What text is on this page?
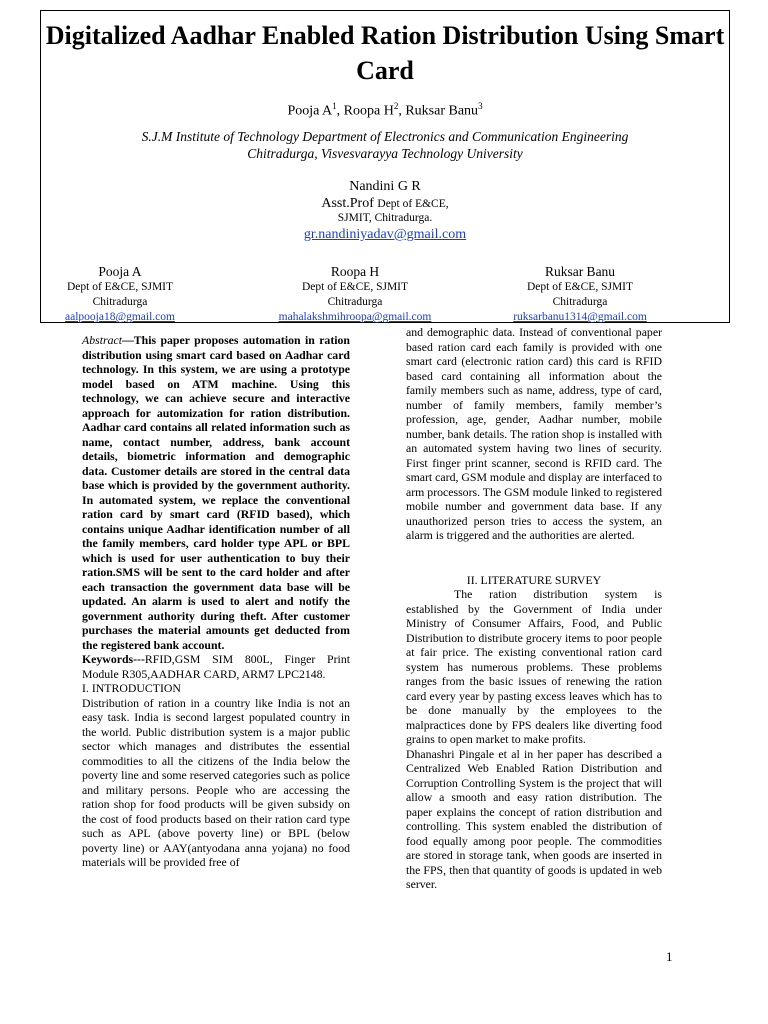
Digitalized Aadhar Enabled Ration Distribution Using Smart Card
Pooja $A^1$, Roopa $H^2$, Ruksar Banu$^3$
S.J.M Institute of Technology Department of Electronics and Communication Engineering
Chitradurga, Visvesvarayya Technology University
Nandini G R
Asst.Prof Dept of E&CE,
SJMIT, Chitradurga.
gr.nandiniyadav@gmail.com
Pooja A
Dept of E&CE, SJMIT
Chitradurga
aalpooja18@gmail.com
Roopa H
Dept of E&CE, SJMIT
Chitradurga
mahalakshmihroopa@gmail.com
Ruksar Banu
Dept of E&CE, SJMIT
Chitradurga
ruksarbanu1314@gmail.com

Abstract—This paper proposes automation in ration distribution using smart card based on Aadhar card technology. In this system, we are using a prototype model based on ATM machine. Using this technology, we can achieve secure and interactive approach for automization for ration distribution. Aadhar card contains all related information such as name, contact number, address, bank account details, biometric information and demographic data. Customer details are stored in the central data base which is provided by the government authority. In automated system, we replace the conventional ration card by smart card (RFID based), which contains unique Aadhar identification number of all the family members, card holder type APL or BPL which is used for user authentication to buy their ration.SMS will be sent to the card holder and after each transaction the government data base will be updated. An alarm is used to alert and notify the government authority during theft. After customer purchases the material amounts get deducted from the registered bank account.

Keywords---RFID,GSM SIM 800L, Finger Print Module R305,AADHAR CARD, ARM7 LPC2148.

I. INTRODUCTION

Distribution of ration in a country like India is not an easy task. India is second largest populated country in the world. Public distribution system is a major public sector which manages and distributes the essential commodities to all the citizens of the India below the poverty line and some reserved categories such as police and military persons. People who are accessing the ration shop for food products will be given subsidy on the cost of food products based on their ration card type such as APL (above poverty line) or BPL (below poverty line) or AAY(antyodana anna yojana) no food materials will be provided free of

and demographic data. Instead of conventional paper based ration card each family is provided with one smart card (electronic ration card) this card is RFID based card containing all information about the family members such as name, address, type of card, number of family members, family member’s profession, age, gender, Aadhar number, mobile number, bank details. The ration shop is installed with an automated system having two lines of security. First finger print scanner, second is RFID card. The smart card, GSM module and display are interfaced to arm processors. The GSM module linked to registered mobile number and government data base. If any unauthorized person tries to access the system, an alarm is triggered and the authorities are alerted.

II. LITERATURE SURVEY

The ration distribution system is established by the Government of India under Ministry of Consumer Affairs, Food, and Public Distribution to distribute grocery items to poor people at fair price. The existing conventional ration card system has numerous problems. These problems ranges from the basic issues of renewing the ration card every year by pasting excess leaves which has to be done manually by the employees to the malpractices done by FPS dealers like diverting food grains to open market to make profits.

Dhanashri Pingale et al in her paper has described a Centralized Web Enabled Ration Distribution and Corruption Controlling System is the project that will allow a smooth and easy ration distribution. The paper explains the concept of ration distribution and controlling. This system enabled the distribution of food equally among poor people. The commodities are stored in storage tank, when goods are inserted in the FPS, then that quantity of goods is updated in web server.

1
